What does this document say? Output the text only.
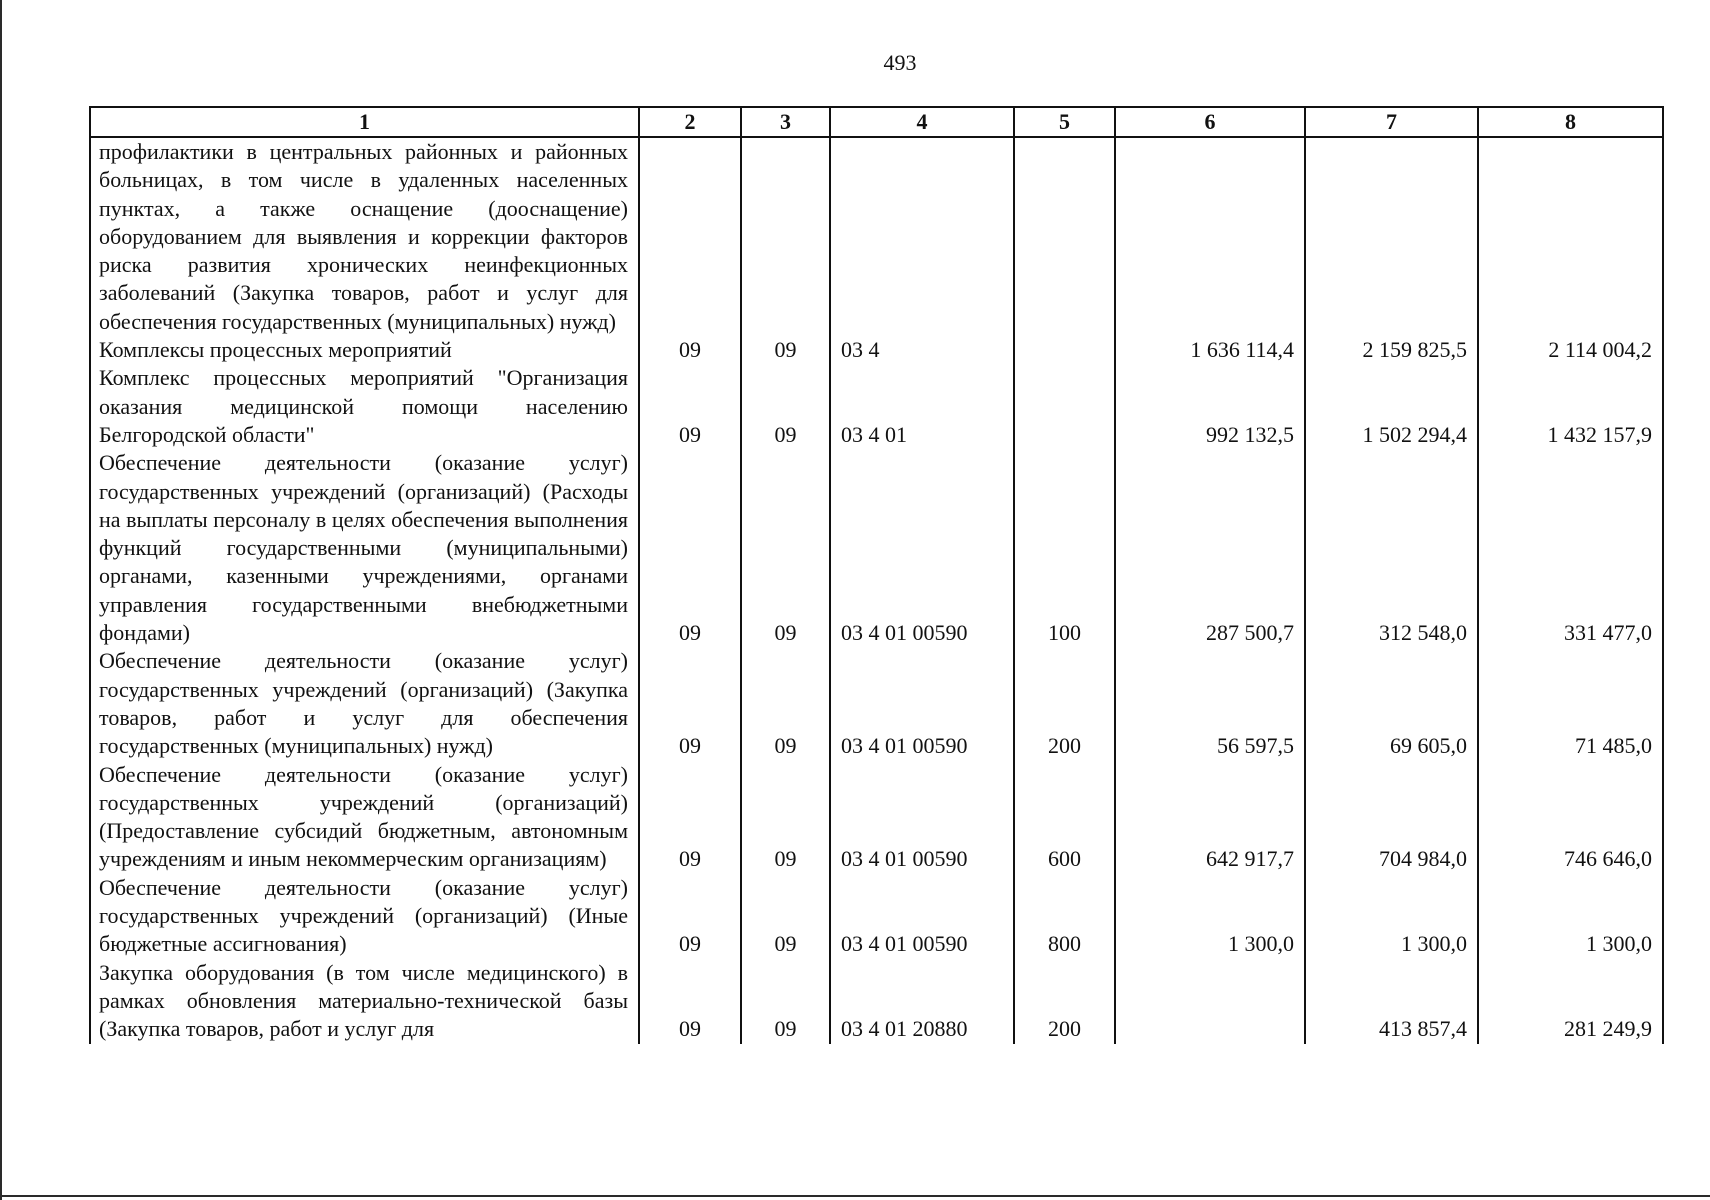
493
1	2	3	4	5	6	7	8
профилактики в центральных районных и районных больницах, в том числе в удаленных населенных пунктах, а также оснащение (дооснащение) оборудованием для выявления и коррекции факторов риска развития хронических неинфекционных заболеваний (Закупка товаров, работ и услуг для обеспечения государственных (муниципальных) нужд)							
Комплексы процессных мероприятий	09	09	03 4		1 636 114,4	2 159 825,5	2 114 004,2
Комплекс процессных мероприятий "Организация оказания медицинской помощи населению Белгородской области"	09	09	03 4 01		992 132,5	1 502 294,4	1 432 157,9
Обеспечение деятельности (оказание услуг) государственных учреждений (организаций) (Расходы на выплаты персоналу в целях обеспечения выполнения функций государственными (муниципальными) органами, казенными учреждениями, органами управления государственными внебюджетными фондами)	09	09	03 4 01 00590	100	287 500,7	312 548,0	331 477,0
Обеспечение деятельности (оказание услуг) государственных учреждений (организаций) (Закупка товаров, работ и услуг для обеспечения государственных (муниципальных) нужд)	09	09	03 4 01 00590	200	56 597,5	69 605,0	71 485,0
Обеспечение деятельности (оказание услуг) государственных учреждений (организаций) (Предоставление субсидий бюджетным, автономным учреждениям и иным некоммерческим организациям)	09	09	03 4 01 00590	600	642 917,7	704 984,0	746 646,0
Обеспечение деятельности (оказание услуг) государственных учреждений (организаций) (Иные бюджетные ассигнования)	09	09	03 4 01 00590	800	1 300,0	1 300,0	1 300,0
Закупка оборудования (в том числе медицинского) в рамках обновления материально-технической базы (Закупка товаров, работ и услуг для	09	09	03 4 01 20880	200		413 857,4	281 249,9
